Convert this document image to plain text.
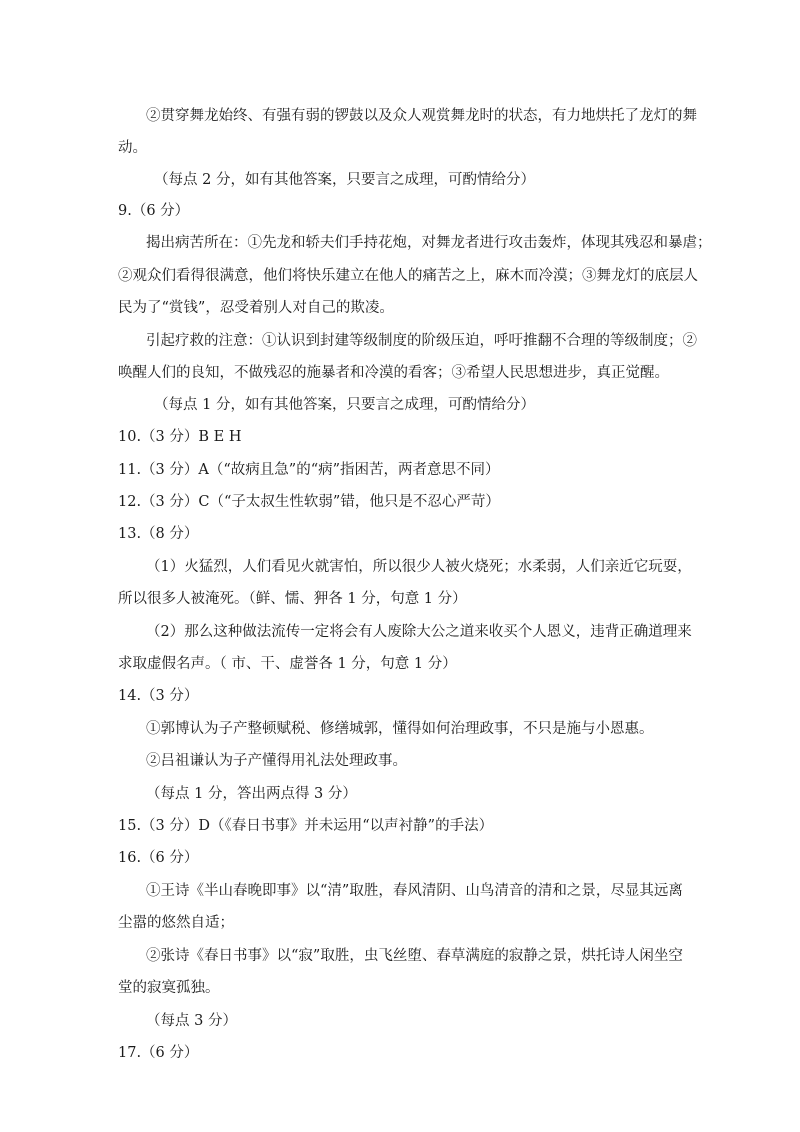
②贯穿舞龙始终、有强有弱的锣鼓以及众人观赏舞龙时的状态，有力地烘托了龙灯的舞

动。

（每点 2 分，如有其他答案，只要言之成理，可酌情给分）

9.（6 分）

揭出病苦所在：①先龙和轿夫们手持花炮，对舞龙者进行攻击轰炸，体现其残忍和暴虐；

②观众们看得很满意，他们将快乐建立在他人的痛苦之上，麻木而冷漠；③舞龙灯的底层人

民为了“赏钱”，忍受着别人对自己的欺凌。

引起疗救的注意：①认识到封建等级制度的阶级压迫，呼吁推翻不合理的等级制度；②

唤醒人们的良知，不做残忍的施暴者和冷漠的看客；③希望人民思想进步，真正觉醒。

（每点 1 分，如有其他答案，只要言之成理，可酌情给分）

10.（3 分）B E H

11.（3 分）A（“故病且急”的“病”指困苦，两者意思不同）

12.（3 分）C（“子太叔生性软弱”错，他只是不忍心严苛）

13.（8 分）

（1）火猛烈，人们看见火就害怕，所以很少人被火烧死；水柔弱，人们亲近它玩耍，

所以很多人被淹死。（鲜、懦、狎各 1 分，句意 1 分）

（2）那么这种做法流传一定将会有人废除大公之道来收买个人恩义，违背正确道理来

求取虚假名声。（ 市、干、虚誉各 1 分，句意 1 分）

14.（3 分）

①郭博认为子产整顿赋税、修缮城郭，懂得如何治理政事，不只是施与小恩惠。

②吕祖谦认为子产懂得用礼法处理政事。

（每点 1 分，答出两点得 3 分）

15.（3 分）D（《春日书事》并未运用“以声衬静”的手法）

16.（6 分）

①王诗《半山春晚即事》以“清”取胜，春风清阴、山鸟清音的清和之景，尽显其远离

尘嚣的悠然自适；

②张诗《春日书事》以“寂”取胜，虫飞丝堕、春草满庭的寂静之景，烘托诗人闲坐空

堂的寂寞孤独。

（每点 3 分）

17.（6 分）
